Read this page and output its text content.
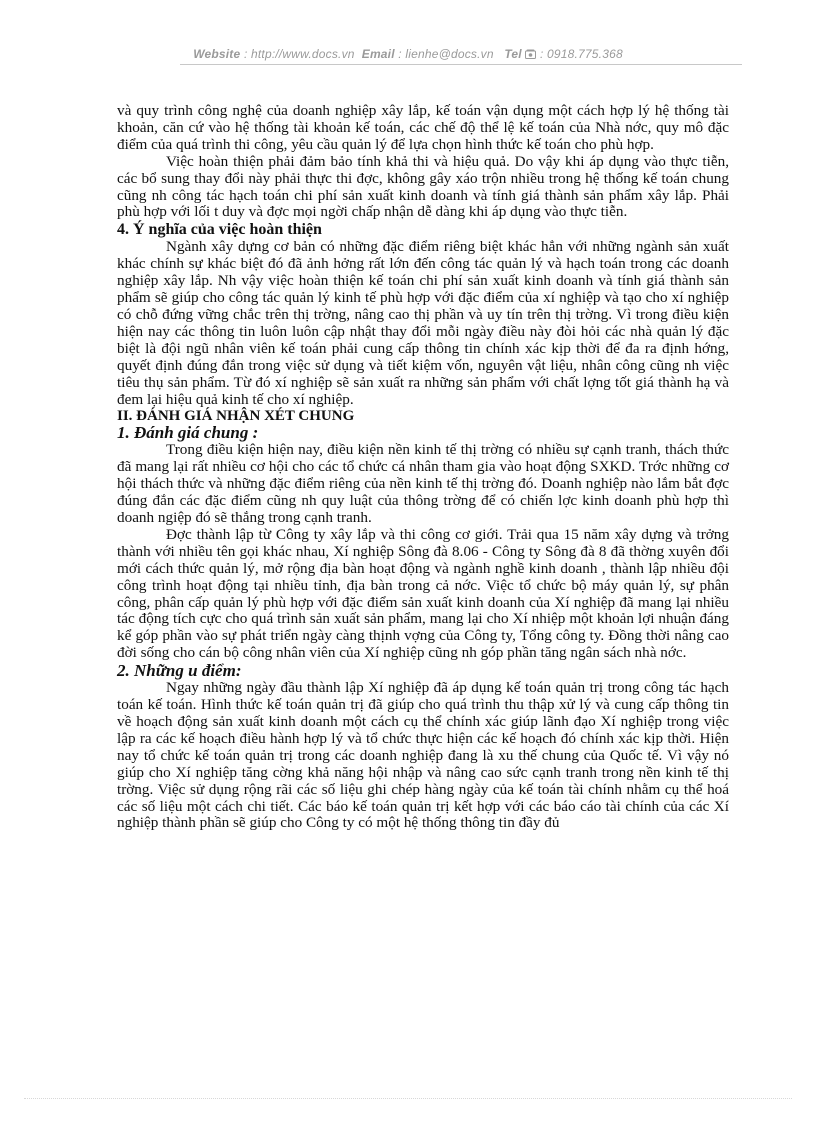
Website : http://www.docs.vn Email : lienhe@docs.vn Tel : 0918.775.368

và quy trình công nghệ của doanh nghiệp xây lắp, kế toán vận dụng một cách hợp lý hệ thống tài khoản, căn cứ vào hệ thống tài khoản kế toán, các chế độ thể lệ kế toán của Nhà nớc, quy mô đặc điểm của quá trình thi công, yêu cầu quản lý để lựa chọn hình thức kế toán cho phù hợp.

Việc hoàn thiện phải đảm bảo tính khả thi và hiệu quả. Do vậy khi áp dụng vào thực tiễn, các bổ sung thay đổi này phải thực thi đợc, không gây xáo trộn nhiều trong hệ thống kế toán chung cũng nh công tác hạch toán chi phí sản xuất kinh doanh và tính giá thành sản phẩm xây lắp. Phải phù hợp với lối t duy và đợc mọi ngời chấp nhận dễ dàng khi áp dụng vào thực tiễn.

4. Ý nghĩa của việc hoàn thiện

Ngành xây dựng cơ bản có những đặc điểm riêng biệt khác hẳn với những ngành sản xuất khác chính sự khác biệt đó đã ảnh hởng rất lớn đến công tác quản lý và hạch toán trong các doanh nghiệp xây lắp. Nh vậy việc hoàn thiện kế toán chi phí sản xuất kinh doanh và tính giá thành sản phẩm sẽ giúp cho công tác quản lý kinh tế phù hợp với đặc điểm của xí nghiệp và tạo cho xí nghiệp có chỗ đứng vững chắc trên thị trờng, nâng cao thị phần và uy tín trên thị trờng. Vì trong điều kiện hiện nay các thông tin luôn luôn cập nhật thay đổi mỗi ngày điều này đòi hỏi các nhà quản lý đặc biệt là đội ngũ nhân viên kế toán phải cung cấp thông tin chính xác kịp thời để đa ra định hớng, quyết định đúng đắn trong việc sử dụng và tiết kiệm vốn, nguyên vật liệu, nhân công cũng nh việc tiêu thụ sản phẩm. Từ đó xí nghiệp sẽ sản xuất ra những sản phẩm với chất lợng tốt giá thành hạ và đem lại hiệu quả kinh tế cho xí nghiệp.

II. ĐÁNH GIÁ NHẬN XÉT CHUNG

1. Đánh giá chung :

Trong điều kiện hiện nay, điều kiện nền kinh tế thị trờng có nhiều sự cạnh tranh, thách thức đã mang lại rất nhiều cơ hội cho các tổ chức cá nhân tham gia vào hoạt động SXKD. Trớc những cơ hội thách thức và những đặc điểm riêng của nền kinh tế thị trờng đó. Doanh nghiệp nào lắm bắt đợc đúng đắn các đặc điểm cũng nh quy luật của thông trờng để có chiến lợc kinh doanh phù hợp thì doanh ngiệp đó sẽ thắng trong cạnh tranh.

Đợc thành lập từ Công ty xây lắp và thi công cơ giới. Trải qua 15 năm xây dựng và trởng thành với nhiều tên gọi khác nhau, Xí nghiệp Sông đà 8.06 - Công ty Sông đà 8 đã thờng xuyên đổi mới cách thức quản lý, mở rộng địa bàn hoạt động và ngành nghề kinh doanh , thành lập nhiều đội công trình hoạt động tại nhiều tỉnh, địa bàn trong cả nớc. Việc tổ chức bộ máy quản lý, sự phân công, phân cấp quản lý phù hợp với đặc điểm sản xuất kinh doanh của Xí nghiệp đã mang lại nhiều tác động tích cực cho quá trình sản xuất sản phẩm, mang lại cho Xí nhiệp một khoản lợi nhuận đáng kể góp phần vào sự phát triển ngày càng thịnh vợng của Công ty, Tổng công ty. Đồng thời nâng cao đời sống cho cán bộ công nhân viên của Xí nghiệp cũng nh góp phần tăng ngân sách nhà nớc.

2. Những u điểm:

Ngay những ngày đầu thành lập Xí nghiệp đã áp dụng kế toán quản trị trong công tác hạch toán kế toán. Hình thức kế toán quản trị đã giúp cho quá trình thu thập xử lý và cung cấp thông tin về hoạch động sản xuất kinh doanh một cách cụ thể chính xác giúp lãnh đạo Xí nghiệp trong việc lập ra các kế hoạch điều hành hợp lý và tổ chức thực hiện các kế hoạch đó chính xác kịp thời. Hiện nay tổ chức kế toán quản trị trong các doanh nghiệp đang là xu thế chung của Quốc tế. Vì vậy nó giúp cho Xí nghiệp tăng cờng khả năng hội nhập và nâng cao sức cạnh tranh trong nền kinh tế thị trờng. Việc sử dụng rộng rãi các số liệu ghi chép hàng ngày của kế toán tài chính nhằm cụ thể hoá các số liệu một cách chi tiết. Các báo kế toán quản trị kết hợp với các báo cáo tài chính của các Xí nghiệp thành phần sẽ giúp cho Công ty có một hệ thống thông tin đầy đủ
